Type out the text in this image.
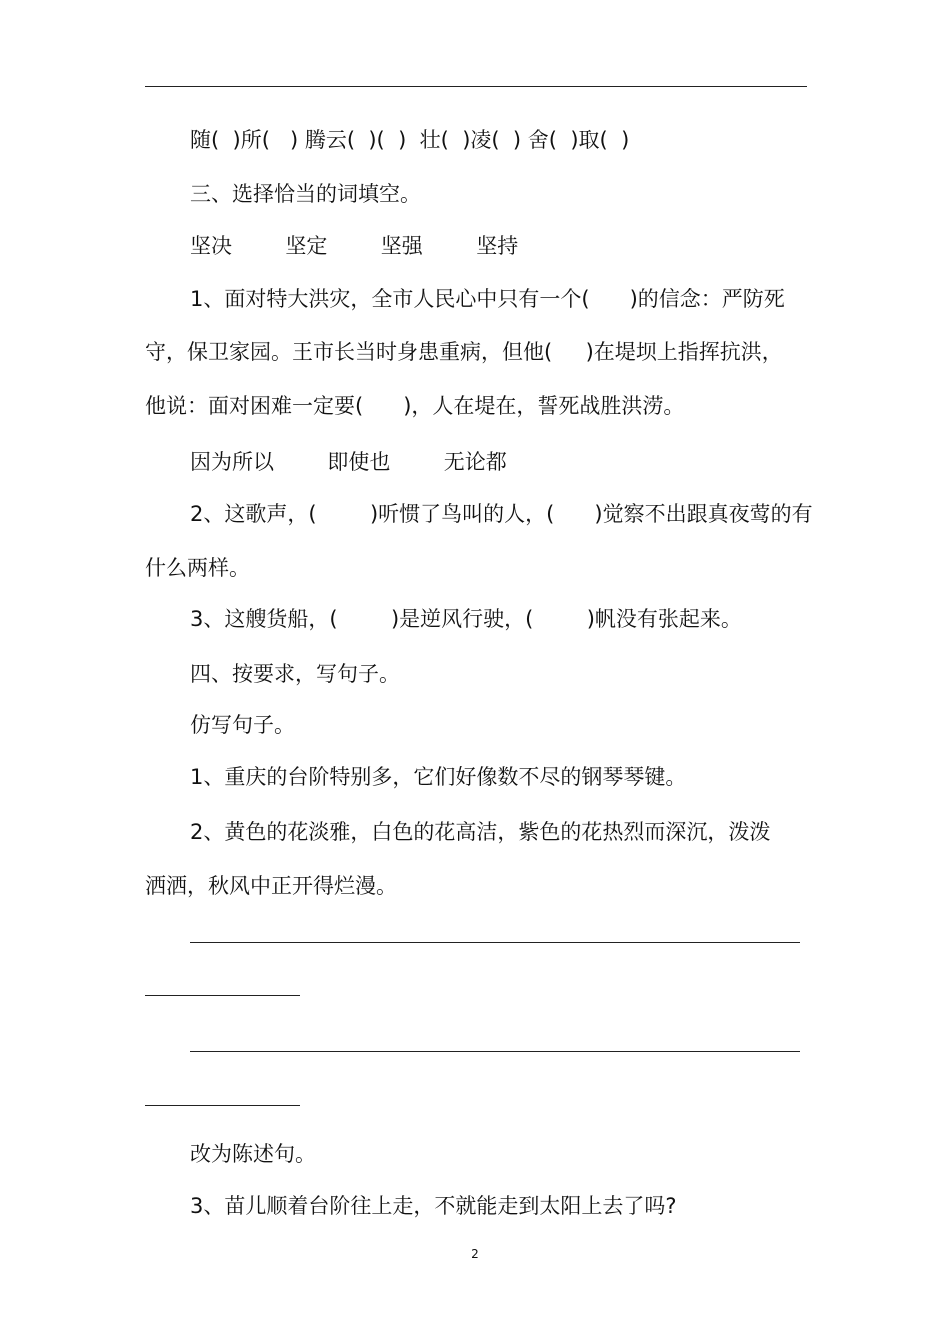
随(  )所(   ) 腾云(  )(  )  壮(  )凌(  ) 舍(  )取(  )
三、选择恰当的词填空。
坚决        坚定        坚强        坚持
1、面对特大洪灾，全市人民心中只有一个(      )的信念：严防死
守，保卫家园。王市长当时身患重病，但他(     )在堤坝上指挥抗洪，
他说：面对困难一定要(      )，人在堤在，誓死战胜洪涝。
因为所以        即使也        无论都
2、这歌声，(        )听惯了鸟叫的人，(      )觉察不出跟真夜莺的有
什么两样。
3、这艘货船，(        )是逆风行驶，(        )帆没有张起来。
四、按要求，写句子。
仿写句子。
1、重庆的台阶特别多，它们好像数不尽的钢琴琴键。
2、黄色的花淡雅，白色的花高洁，紫色的花热烈而深沉，泼泼
洒洒，秋风中正开得烂漫。
改为陈述句。
3、苗儿顺着台阶往上走，不就能走到太阳上去了吗?
2
